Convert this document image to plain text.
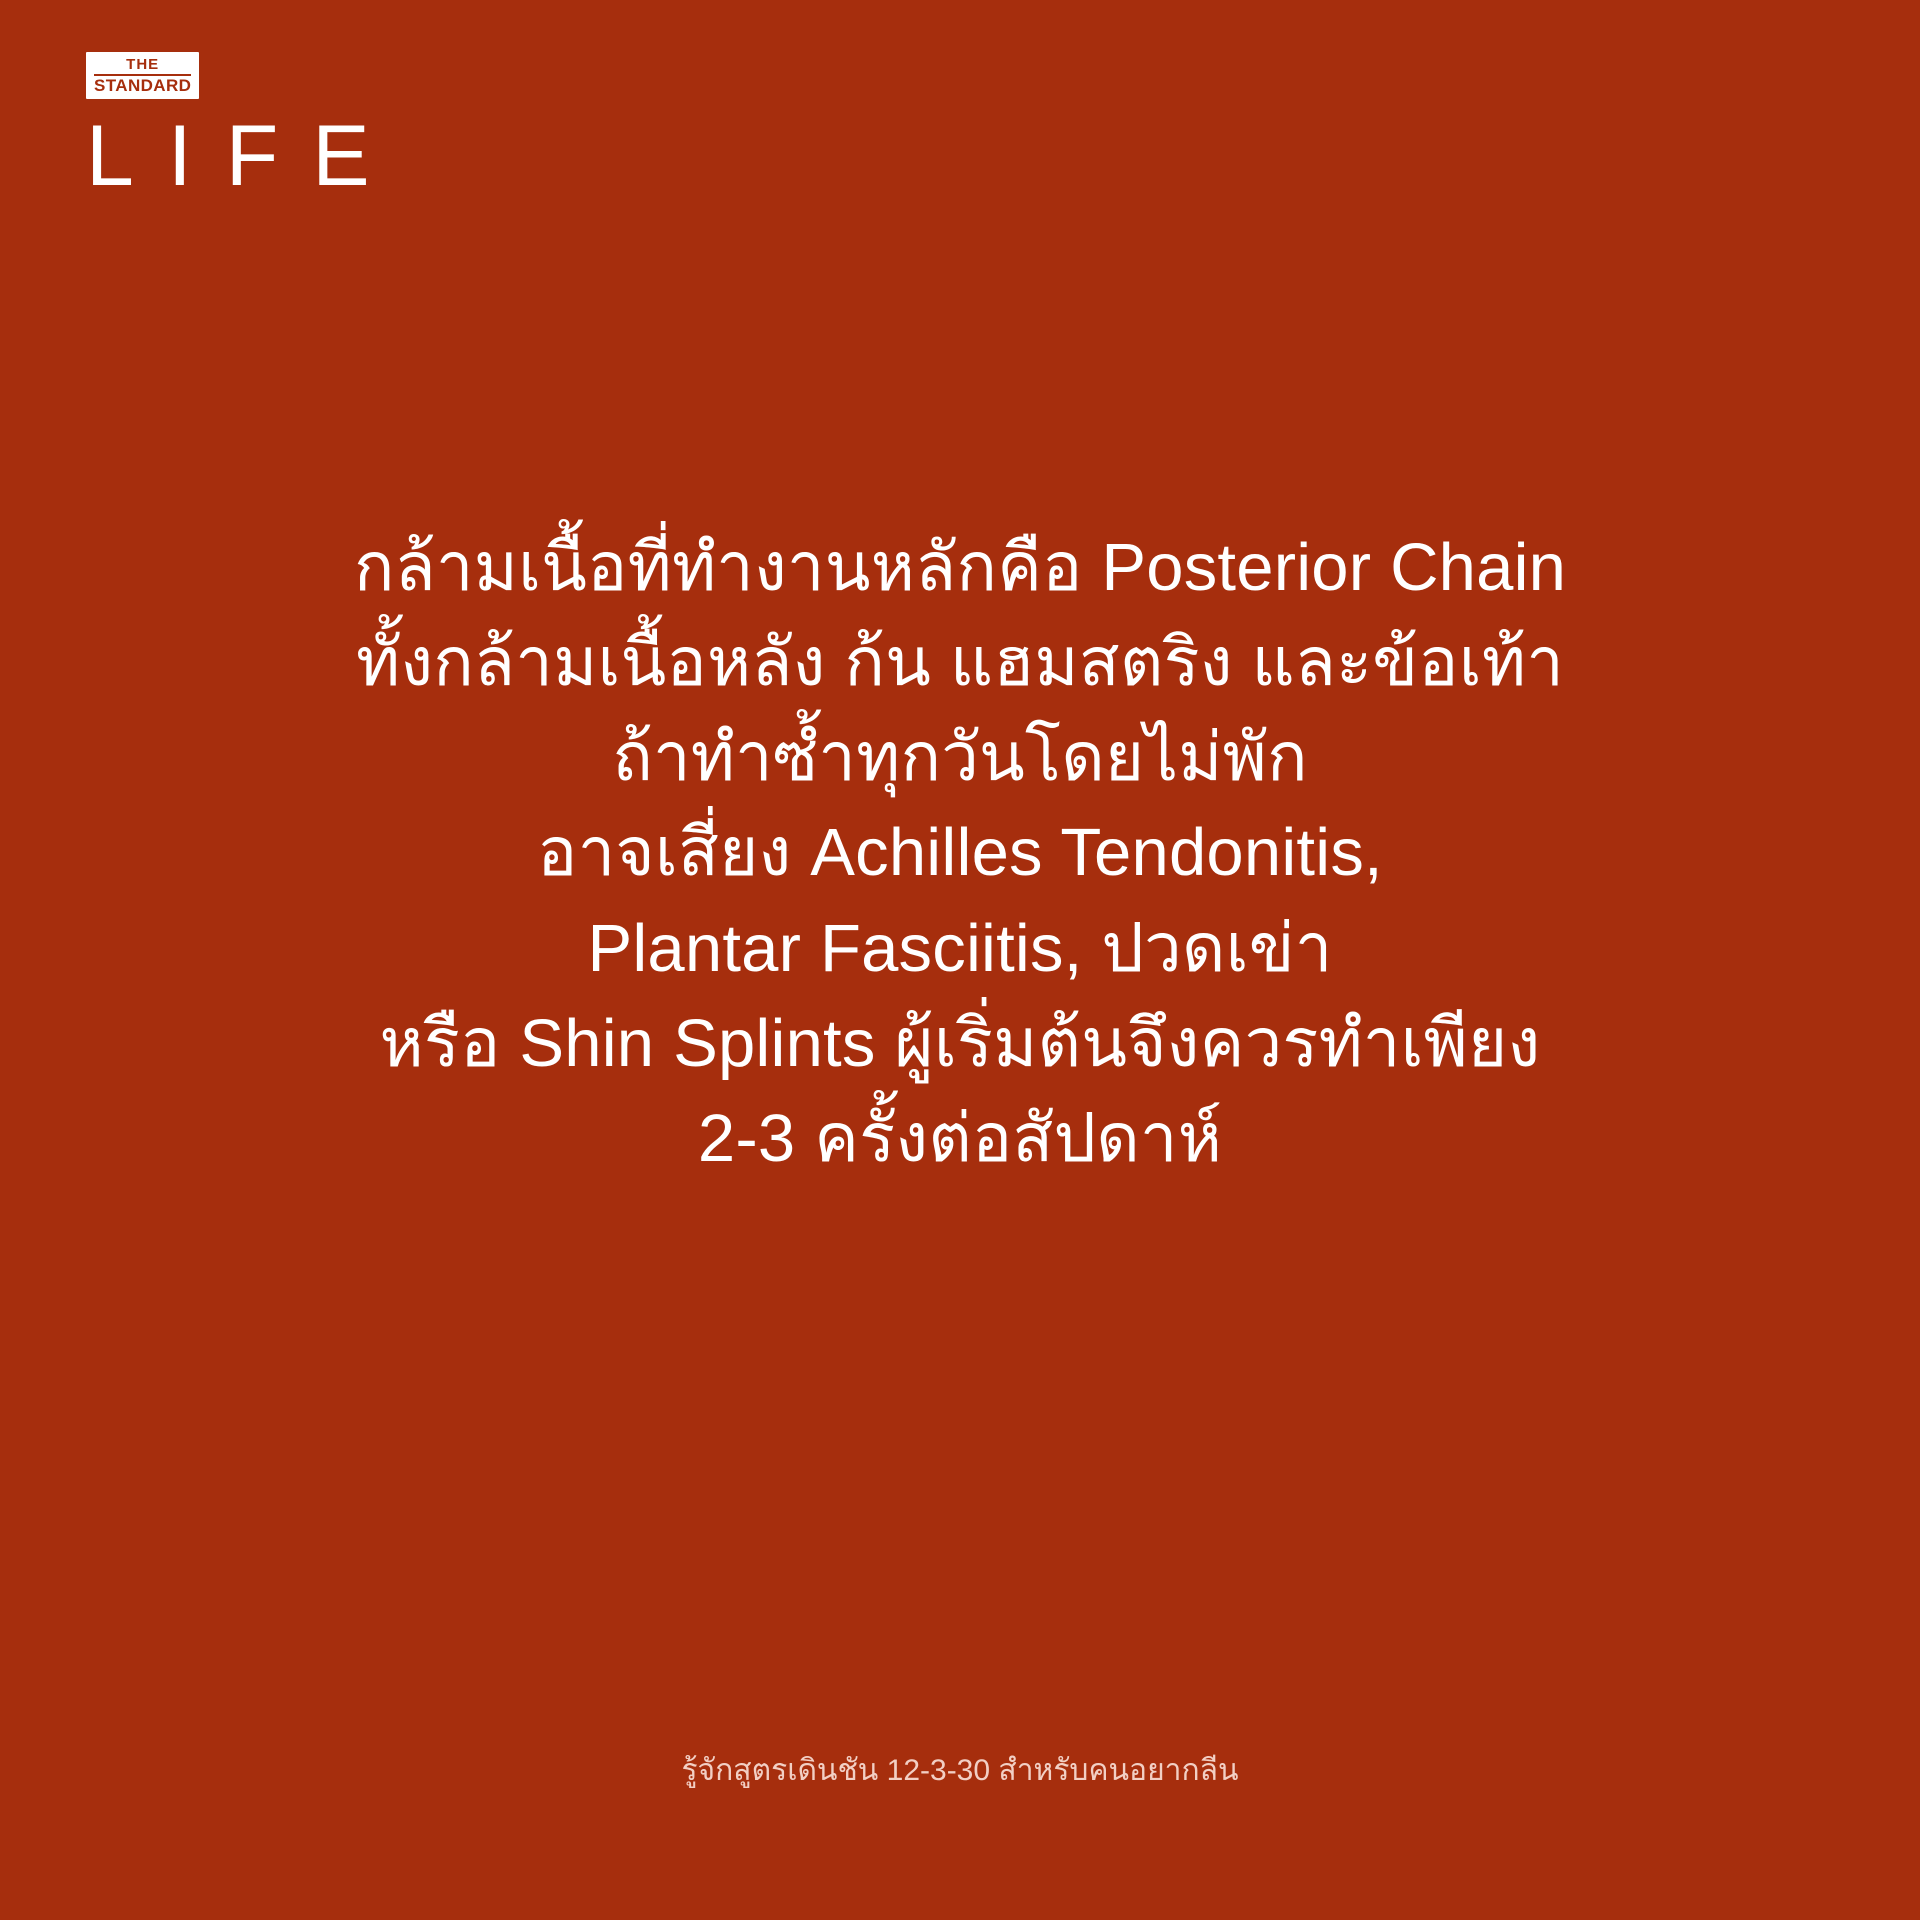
THE
STANDARD
LIFE
กล้ามเนื้อที่ทำงานหลักคือ Posterior Chain
ทั้งกล้ามเนื้อหลัง ก้น แฮมสตริง และข้อเท้า
ถ้าทำซ้ำทุกวันโดยไม่พัก
อาจเสี่ยง Achilles Tendonitis,
Plantar Fasciitis, ปวดเข่า
หรือ Shin Splints ผู้เริ่มต้นจึงควรทำเพียง
2-3 ครั้งต่อสัปดาห์
รู้จักสูตรเดินชัน 12-3-30 สำหรับคนอยากลีน
